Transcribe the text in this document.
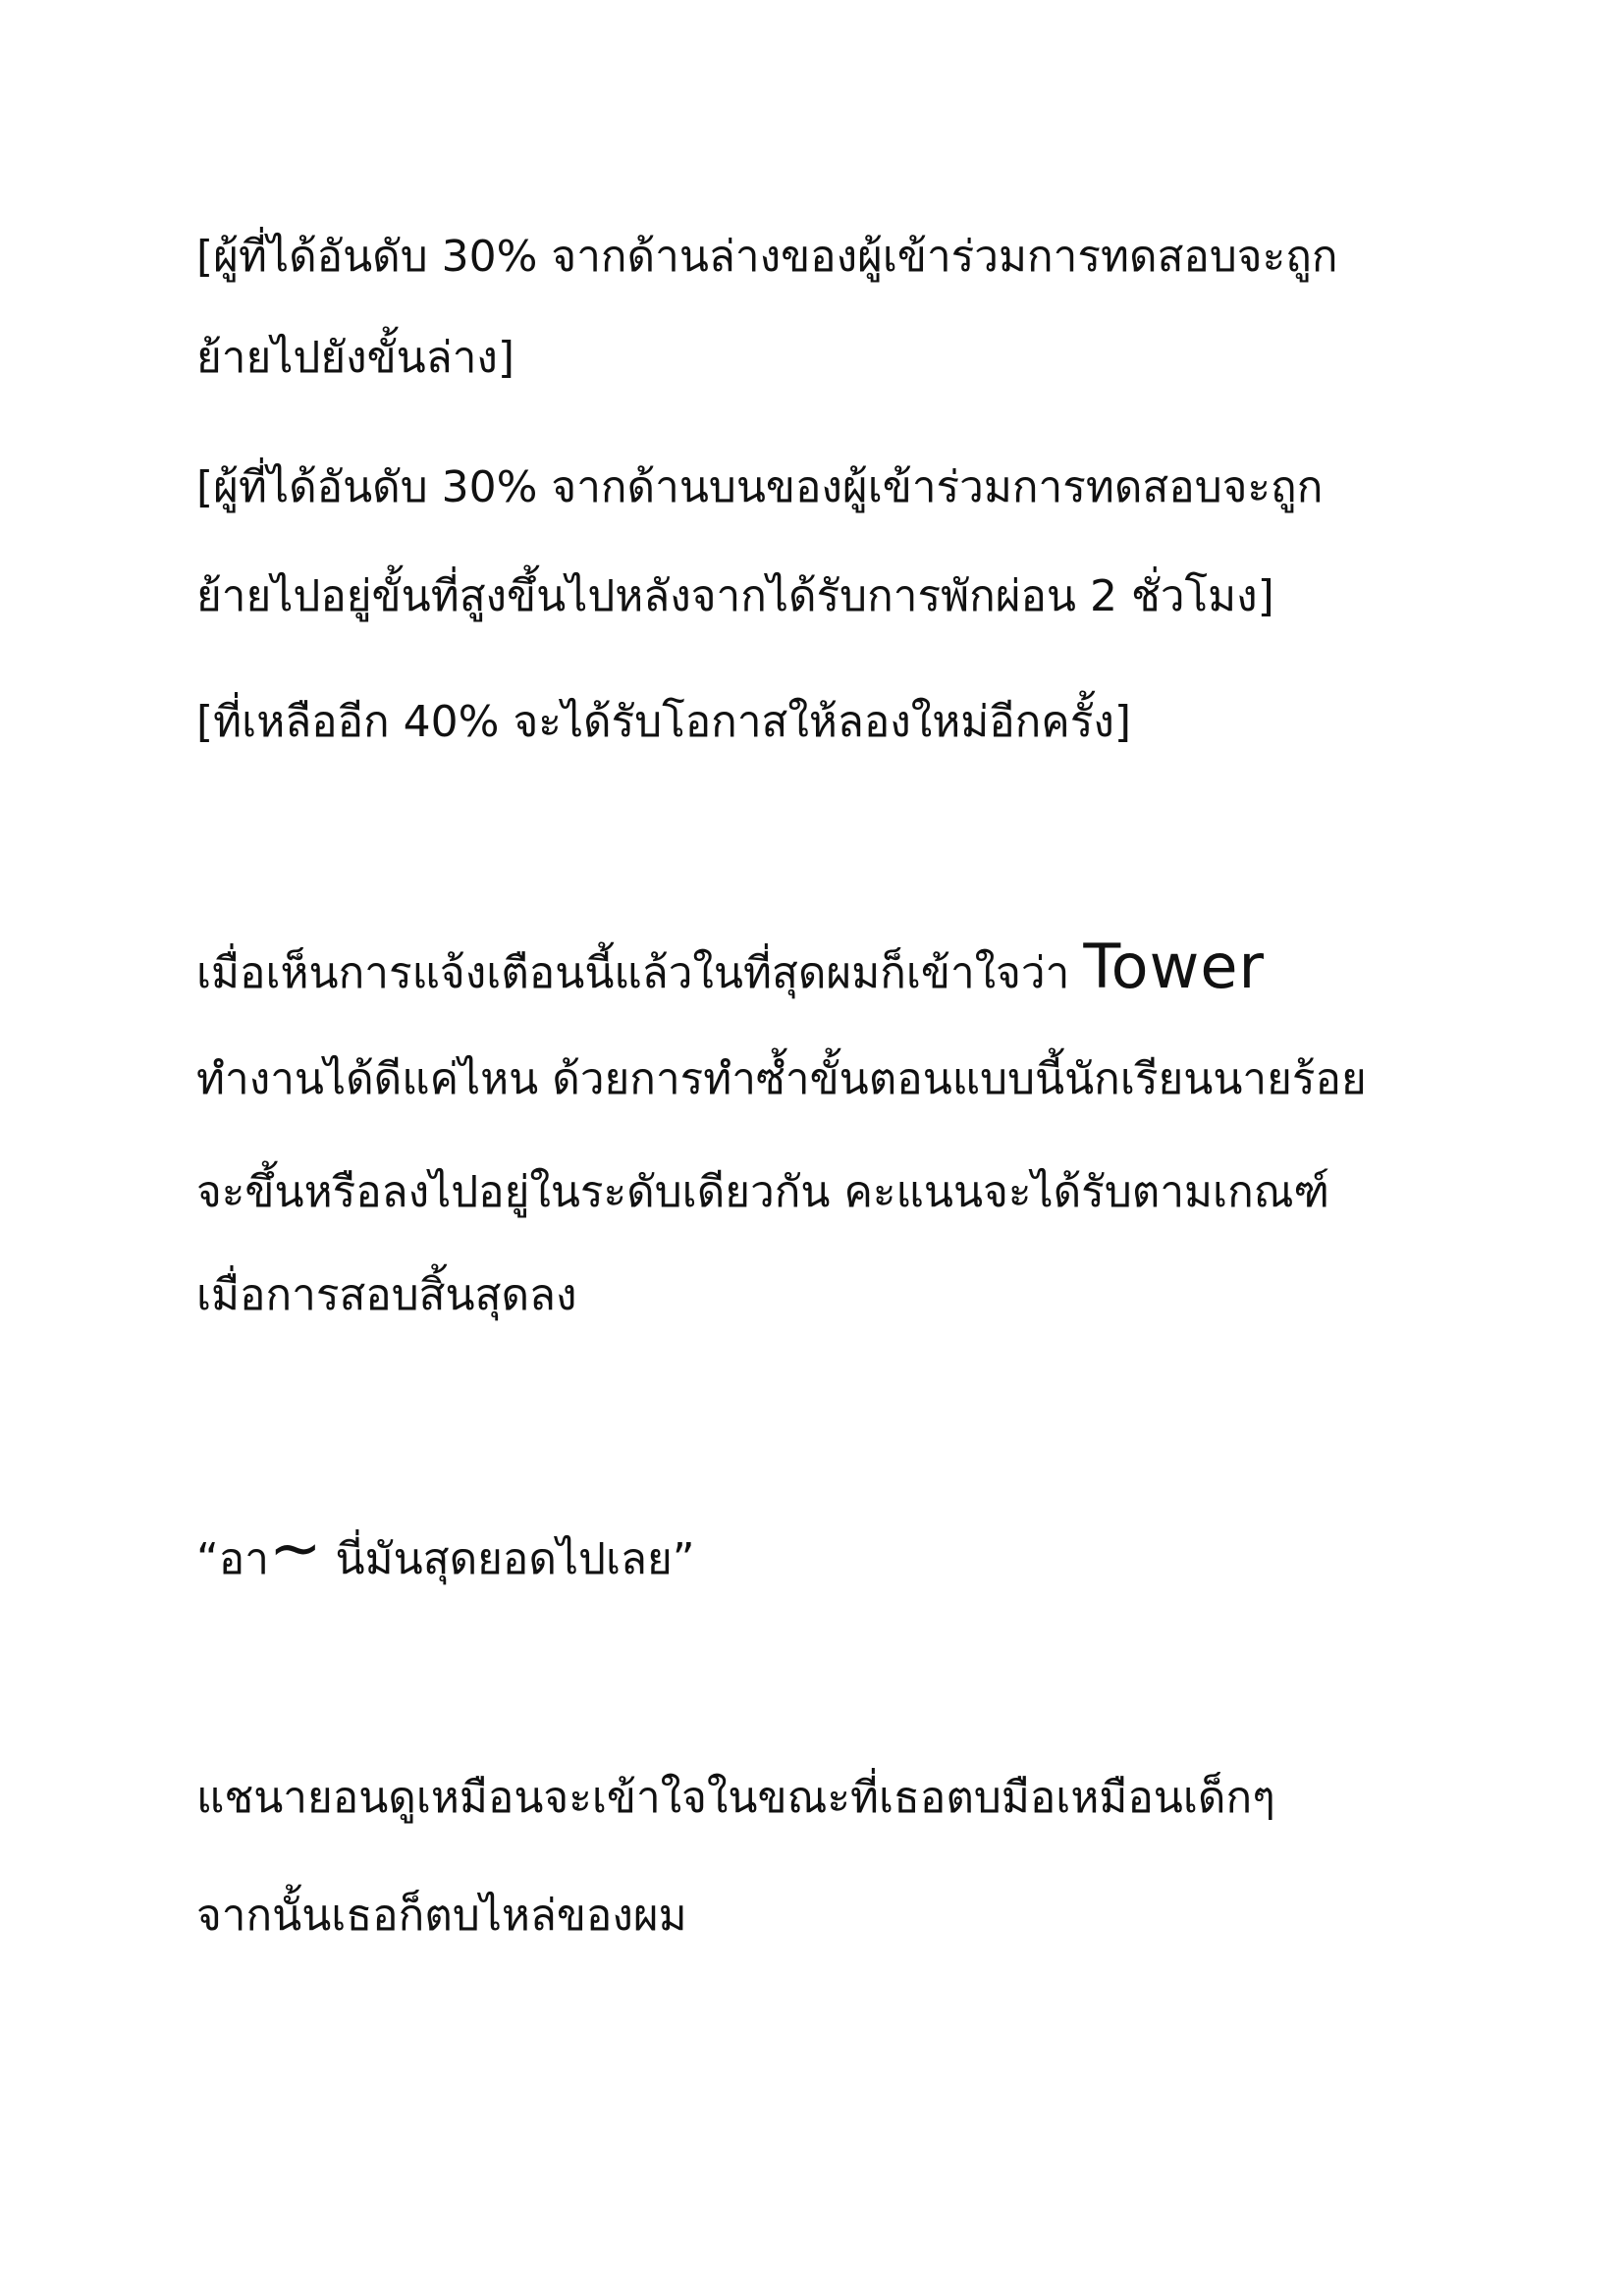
[ผู้ที่ได้อันดับ 30% จากด้านล่างของผู้เข้าร่วมการทดสอบจะถูก

ย้ายไปยังขั้นล่าง]

[ผู้ที่ได้อันดับ 30% จากด้านบนของผู้เข้าร่วมการทดสอบจะถูก

ย้ายไปอยู่ขั้นที่สูงขึ้นไปหลังจากได้รับการพักผ่อน 2 ชั่วโมง]

[ที่เหลืออีก 40% จะได้รับโอกาสให้ลองใหม่อีกครั้ง]

เมื่อเห็นการแจ้งเตือนนี้แล้วในที่สุดผมก็เข้าใจว่า Tower

ทำงานได้ดีแค่ไหน ด้วยการทำซ้ำขั้นตอนแบบนี้นักเรียนนายร้อย

จะขึ้นหรือลงไปอยู่ในระดับเดียวกัน คะแนนจะได้รับตามเกณฑ์

เมื่อการสอบสิ้นสุดลง

“อา~ นี่มันสุดยอดไปเลย”

แชนายอนดูเหมือนจะเข้าใจในขณะที่เธอตบมือเหมือนเด็กๆ

จากนั้นเธอก็ตบไหล่ของผม
